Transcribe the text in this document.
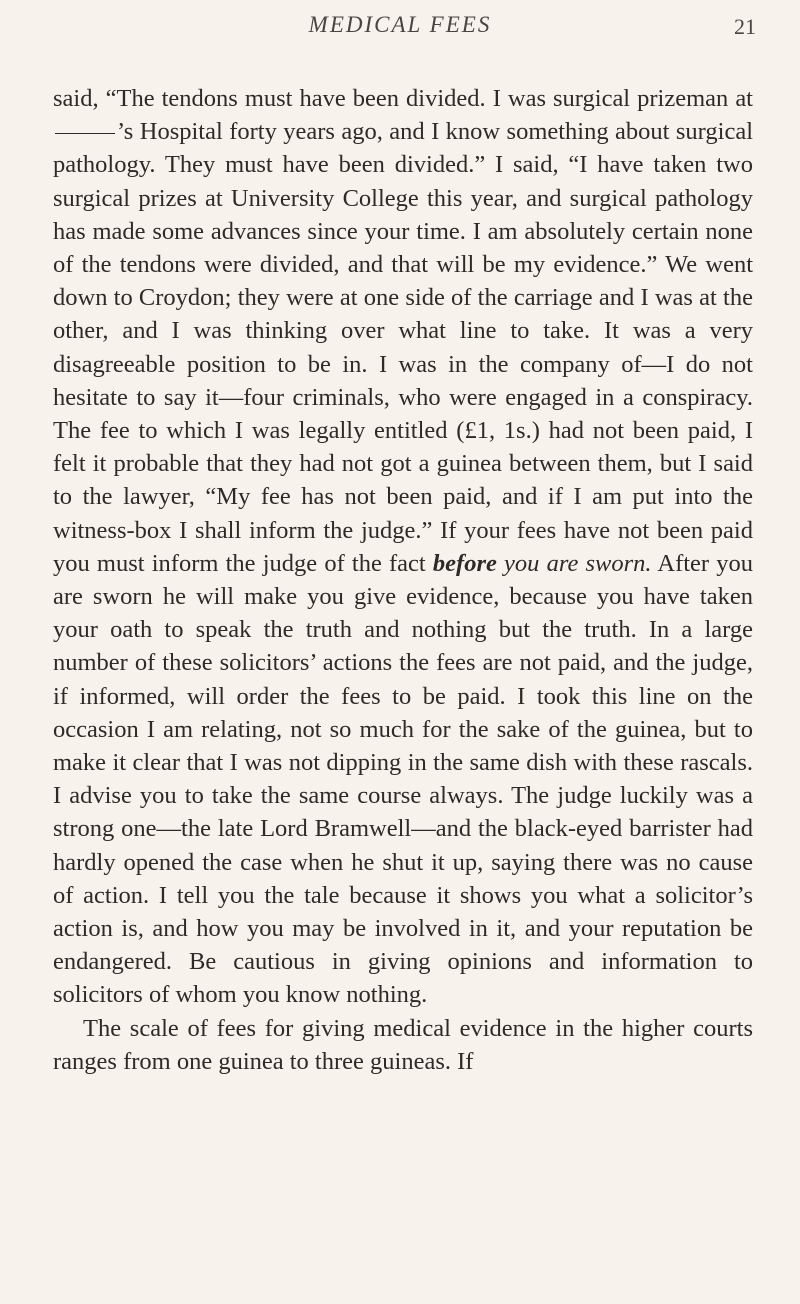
MEDICAL FEES	21

said, “The tendons must have been divided. I was surgical prizeman at ’s Hospital forty years ago, and I know something about surgical pathology. They must have been divided.” I said, “I have taken two surgical prizes at University College this year, and surgical pathology has made some advances since your time. I am absolutely certain none of the tendons were divided, and that will be my evidence.” We went down to Croydon; they were at one side of the carriage and I was at the other, and I was thinking over what line to take. It was a very disagreeable position to be in. I was in the company of—I do not hesitate to say it—four criminals, who were engaged in a conspiracy. The fee to which I was legally entitled (£1, 1s.) had not been paid, I felt it probable that they had not got a guinea between them, but I said to the lawyer, “My fee has not been paid, and if I am put into the witness-box I shall inform the judge.” If your fees have not been paid you must inform the judge of the fact before you are sworn. After you are sworn he will make you give evidence, because you have taken your oath to speak the truth and nothing but the truth. In a large number of these solicitors’ actions the fees are not paid, and the judge, if informed, will order the fees to be paid. I took this line on the occasion I am relating, not so much for the sake of the guinea, but to make it clear that I was not dipping in the same dish with these rascals. I advise you to take the same course always. The judge luckily was a strong one—the late Lord Bramwell—and the black-eyed barrister had hardly opened the case when he shut it up, saying there was no cause of action. I tell you the tale because it shows you what a solicitor’s action is, and how you may be involved in it, and your reputation be endangered. Be cautious in giving opinions and information to solicitors of whom you know nothing.

The scale of fees for giving medical evidence in the higher courts ranges from one guinea to three guineas. If
